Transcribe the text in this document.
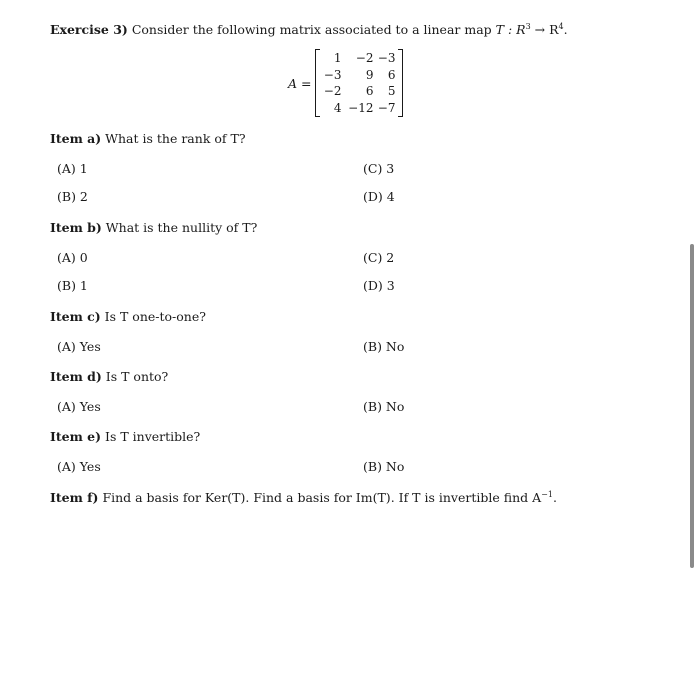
Exercise 3) Consider the following matrix associated to a linear map T : $R^3 \to R^4$.
A =
1	−2 −3
−3	9	6
−2	6	5
4 −12 −7
Item a) What is the rank of T?
(A) 1	(C) 3
(B) 2	(D) 4
Item b) What is the nullity of T?
(A) 0	(C) 2
(B) 1	(D) 3
Item c) Is T one-to-one?
(A) Yes	(B) No
Item d) Is T onto?
(A) Yes	(B) No
Item e) Is T invertible?
(A) Yes	(B) No
Item f) Find a basis for Ker(T). Find a basis for Im(T). If T is invertible find $A^{-1}$.
